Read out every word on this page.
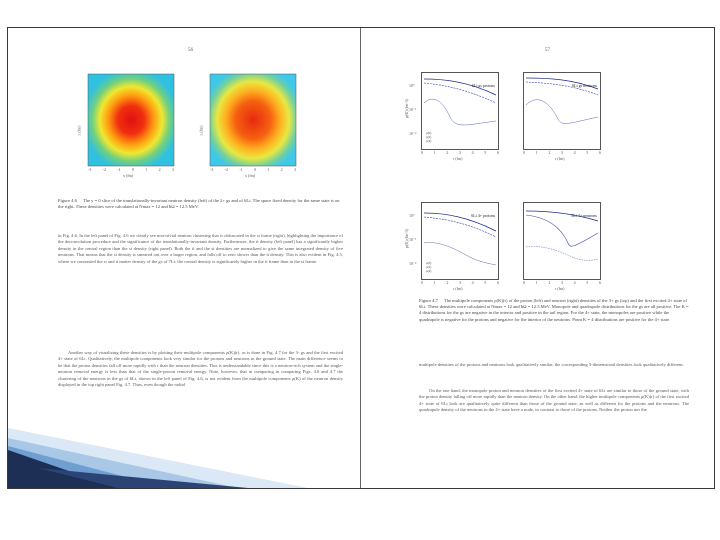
56
z (fm)	z (fm)
-3	-2	-1	0	1	2	3	-3	-2	-1	0	1	2	3
x (fm)	x (fm)

Figure 4.6 The y = 0 slice of the translationally-invariant neutron density (left) of the 2+ gs and of 6Li. The space fixed density for the same state is on the right. These densities were calculated at Nmax = 12 and ħΩ = 12.5 MeV.

in Fig. 4.6. In the left panel of Fig. 4.6 we clearly see non-trivial neutron clustering that is obfuscated in the st frame (right), highlighting the importance of the deconvolution procedure and the significance of the translationally-invariant density. Furthermore, the ti density (left panel) has a significantly higher density in the central region than the st density (right panel). Both the ti and the st densities are normalized to give the same integrated density of five neutrons. That means that the st density is smeared out over a larger region, and falls off to zero slower than the ti density. This is also evident in Fig. 4.5, where we contrasted the st and ti matter density of the gs of 7Li: the central density is significantly higher in the ti frame than in the st frame.

Another way of visualizing these densities is by plotting their multipole components ρ(K)(r), as is done in Fig. 4.7 for the 3- gs and the first excited 4+ state of 6Li. Qualitatively, the multipole components look very similar for the protons and neutrons in the ground state. The main difference seems to be that the proton densities fall off more rapidly with r than the neutron densities. This is understandable since this is a neutron-rich system and the single-neutron removal energy is less than that of the single-proton removal energy. Note, however, that in comparing in comparing Figs. 4.6 and 4.7 the clustering of the neutrons in the gs of 6Li, shown in the left panel of Fig. 4.6, is not evident from the multipole components ρ(K) of the neutron density displayed in the top right panel Fig. 4.7. Thus, even though the radial

57
6Li gs protons
ρ(0)
ρ(2)
ρ(4)
6Li gs neutrons
6Li 4+ protons
ρ(0)
ρ(2)
ρ(4)
6Li 4+ neutrons
10⁰
10⁻¹
10⁻²
10⁰
10⁻¹
10⁻²
ρ(K) (fm-3)
ρ(K) (fm-3)
0	1	2	3	4	5	6	0	1	2	3	4	5	6
0	1	2	3	4	5	6	0	1	2	3	4	5	6
r (fm)	r (fm)
r (fm)	r (fm)

Figure 4.7 The multipole components ρ(K)(r) of the proton (left) and neutron (right) densities of the 3+ gs (top) and the first excited 4+ state of 6Li. These densities were calculated at Nmax = 12 and ħΩ = 12.5 MeV. Monopole and quadrupole distributions for the gs are all positive. The K = 4 distributions for the gs are negative in the interior and positive in the tail region. For the 4+ state, the monopoles are positive while the quadrupole is negative for the protons and negative for the interior of the neutrons. Point K = 4 distributions are positive for the 4+ state.

multipole densities of the protons and neutrons look qualitatively similar, the corresponding 3-dimensional densities look qualitatively different.

On the one hand, the monopole proton and neutron densities of the first excited 4+ state of 6Li are similar to those of the ground state, with the proton density falling off more rapidly than the neutron density. On the other hand, the higher multipole components ρ(K)(r) of the first excited 4+ state of 6Li look are qualitatively quite different than those of the ground state, as well as different for the protons and the neutrons. The quadrupole density of the neutrons in the 4+ state have a node, in contrast to those of the protons. Neither the proton nor the
